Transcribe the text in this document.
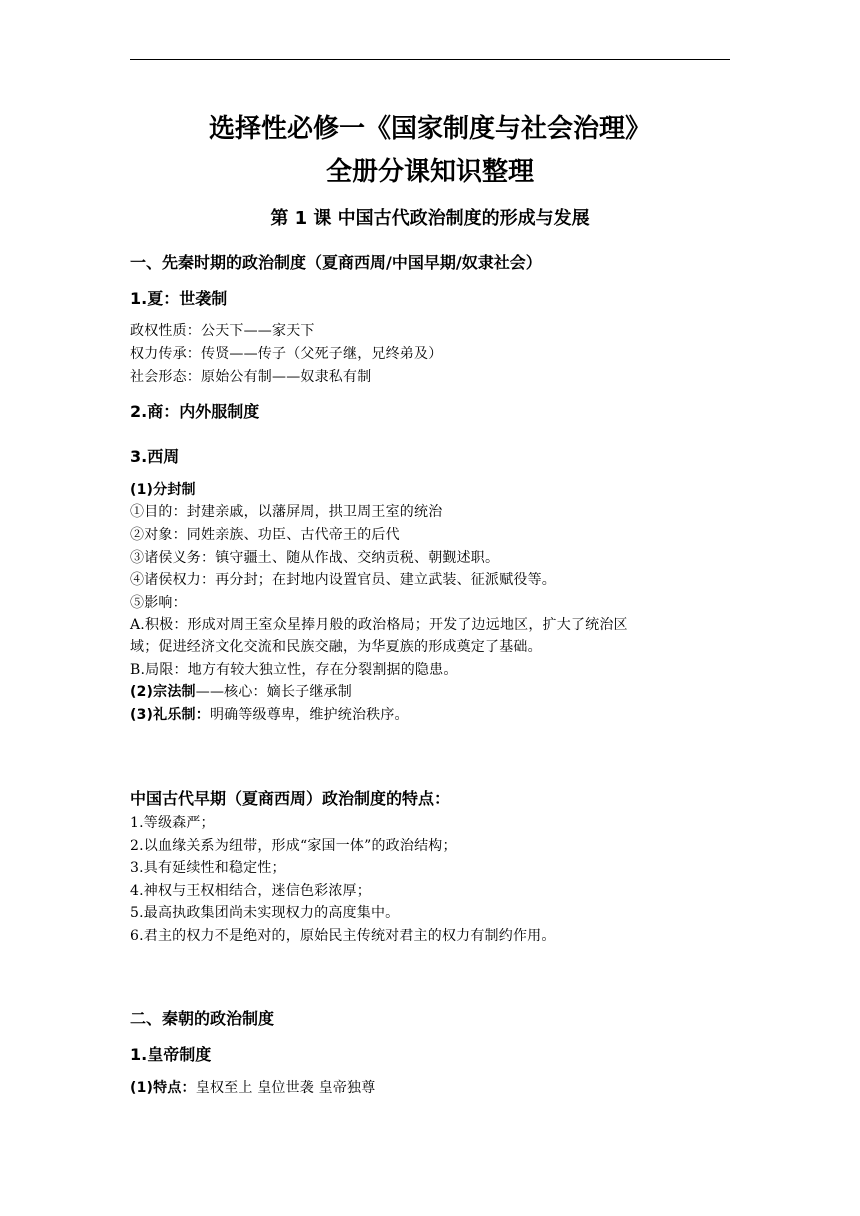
选择性必修一《国家制度与社会治理》
全册分课知识整理
第 1 课 中国古代政治制度的形成与发展
一、先秦时期的政治制度（夏商西周/中国早期/奴隶社会）
1.夏：世袭制
政权性质：公天下——家天下
权力传承：传贤——传子（父死子继，兄终弟及）
社会形态：原始公有制——奴隶私有制
2.商：内外服制度
3.西周
(1)分封制
①目的：封建亲戚，以藩屏周，拱卫周王室的统治
②对象：同姓亲族、功臣、古代帝王的后代
③诸侯义务：镇守疆土、随从作战、交纳贡税、朝觐述职。
④诸侯权力：再分封；在封地内设置官员、建立武装、征派赋役等。
⑤影响：
A.积极：形成对周王室众星捧月般的政治格局；开发了边远地区，扩大了统治区
域；促进经济文化交流和民族交融，为华夏族的形成奠定了基础。
B.局限：地方有较大独立性，存在分裂割据的隐患。
(2)宗法制——核心：嫡长子继承制
(3)礼乐制：明确等级尊卑，维护统治秩序。
中国古代早期（夏商西周）政治制度的特点：
1.等级森严；
2.以血缘关系为纽带，形成“家国一体”的政治结构；
3.具有延续性和稳定性；
4.神权与王权相结合，迷信色彩浓厚；
5.最高执政集团尚未实现权力的高度集中。
6.君主的权力不是绝对的，原始民主传统对君主的权力有制约作用。
二、秦朝的政治制度
1.皇帝制度
(1)特点：皇权至上 皇位世袭 皇帝独尊
